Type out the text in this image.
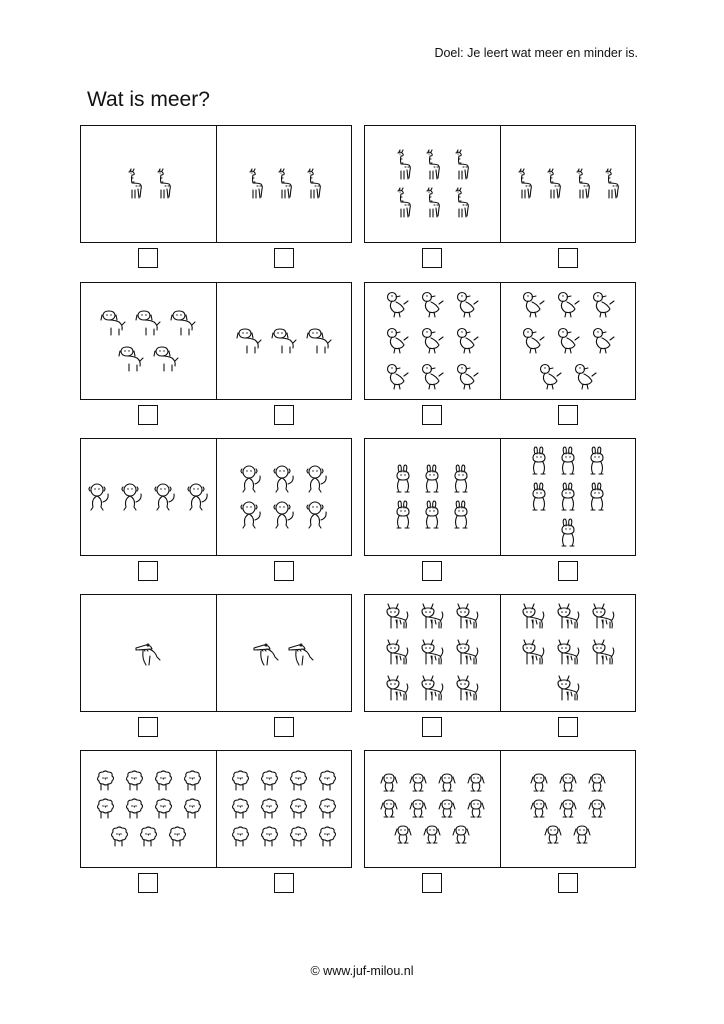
Doel: Je leert wat meer en minder is.
Wat is meer?
© www.juf-milou.nl
